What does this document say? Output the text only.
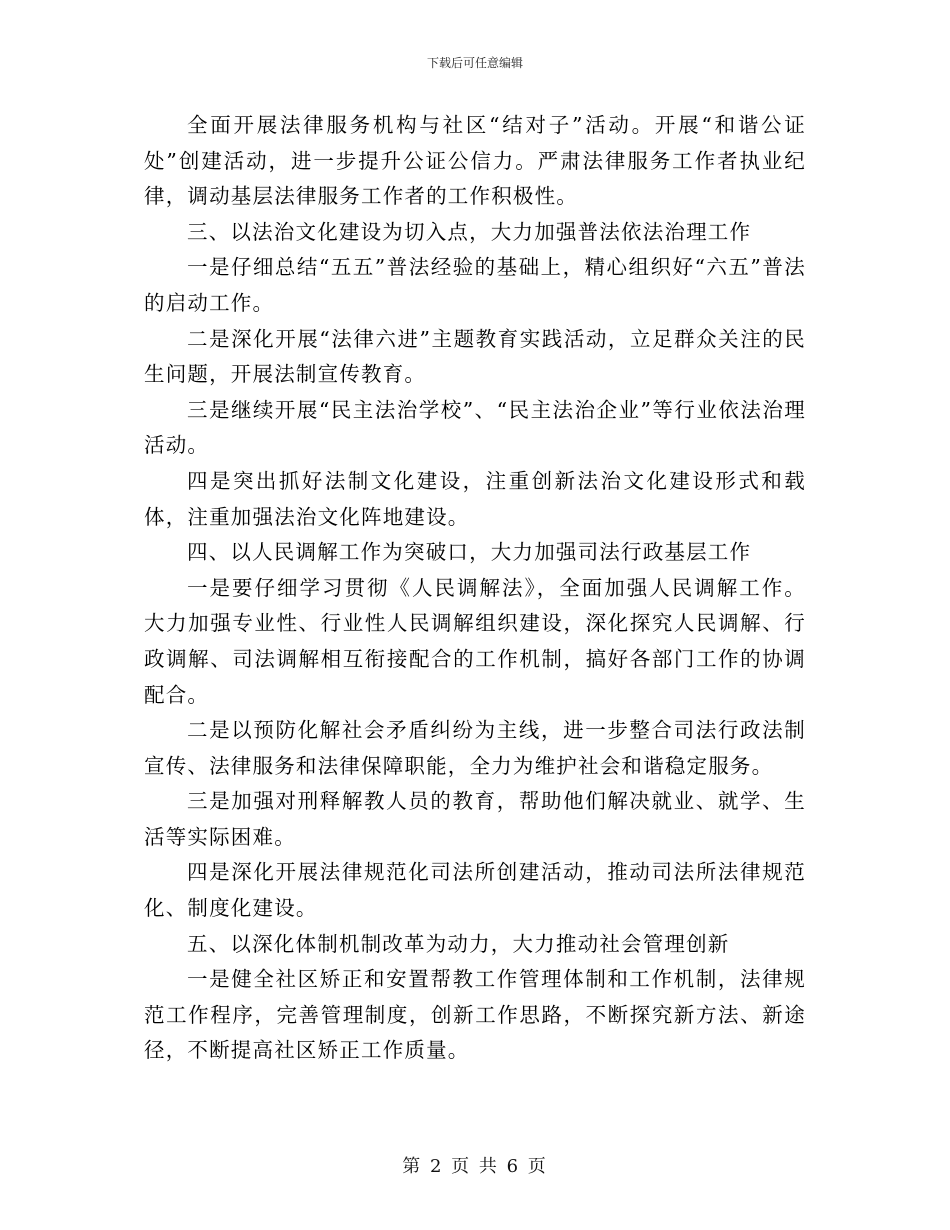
下载后可任意编辑

全面开展法律服务机构与社区“结对子”活动。开展“和谐公证处”创建活动，进一步提升公证公信力。严肃法律服务工作者执业纪律，调动基层法律服务工作者的工作积极性。

三、以法治文化建设为切入点，大力加强普法依法治理工作

一是仔细总结“五五”普法经验的基础上，精心组织好“六五”普法的启动工作。

二是深化开展“法律六进”主题教育实践活动，立足群众关注的民生问题，开展法制宣传教育。

三是继续开展“民主法治学校”、“民主法治企业”等行业依法治理活动。

四是突出抓好法制文化建设，注重创新法治文化建设形式和载体，注重加强法治文化阵地建设。

四、以人民调解工作为突破口，大力加强司法行政基层工作

一是要仔细学习贯彻《人民调解法》，全面加强人民调解工作。大力加强专业性、行业性人民调解组织建设，深化探究人民调解、行政调解、司法调解相互衔接配合的工作机制，搞好各部门工作的协调配合。

二是以预防化解社会矛盾纠纷为主线，进一步整合司法行政法制宣传、法律服务和法律保障职能，全力为维护社会和谐稳定服务。

三是加强对刑释解教人员的教育，帮助他们解决就业、就学、生活等实际困难。

四是深化开展法律规范化司法所创建活动，推动司法所法律规范化、制度化建设。

五、以深化体制机制改革为动力，大力推动社会管理创新

一是健全社区矫正和安置帮教工作管理体制和工作机制，法律规范工作程序，完善管理制度，创新工作思路，不断探究新方法、新途径，不断提高社区矫正工作质量。

第 2 页 共 6 页
